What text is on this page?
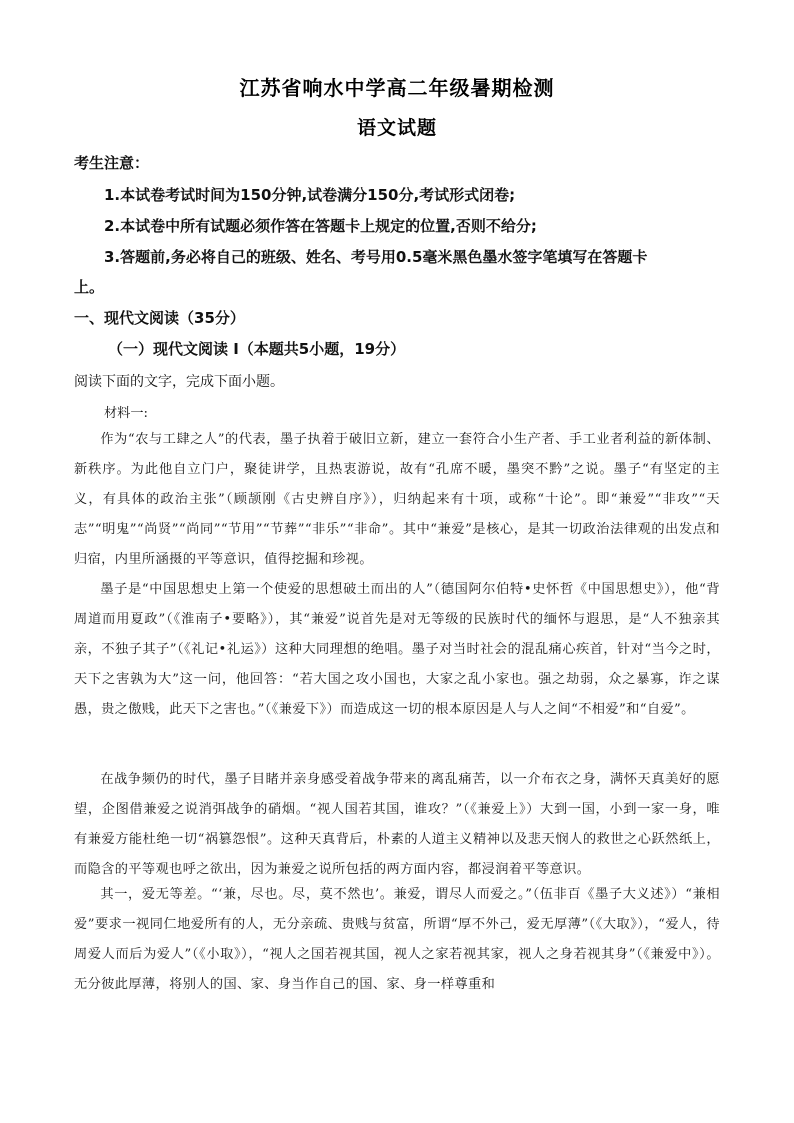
江苏省响水中学高二年级暑期检测
语文试题
考生注意：
1.本试卷考试时间为150分钟,试卷满分150分,考试形式闭卷;
2.本试卷中所有试题必须作答在答题卡上规定的位置,否则不给分;
3.答题前,务必将自己的班级、姓名、考号用0.5毫米黑色墨水签字笔填写在答题卡
上。
一、现代文阅读（35分）
（一）现代文阅读 I（本题共5小题，19分）
阅读下面的文字，完成下面小题。
材料一:

作为“农与工肆之人”的代表，墨子执着于破旧立新，建立一套符合小生产者、手工业者利益的新体制、新秩序。为此他自立门户，聚徒讲学，且热衷游说，故有“孔席不暖，墨突不黔”之说。墨子“有坚定的主义，有具体的政治主张”（顾颉刚《古史辨自序》），归纳起来有十项，或称“十论”。即“兼爱”“非攻”“天志”“明鬼”“尚贤”“尚同”“节用”“节葬”“非乐”“非命”。其中“兼爱”是核心，是其一切政治法律观的出发点和归宿，内里所涵摄的平等意识，值得挖掘和珍视。

墨子是“中国思想史上第一个使爱的思想破土而出的人”（德国阿尔伯特•史怀哲《中国思想史》），他“背周道而用夏政”（《淮南子•要略》），其“兼爱”说首先是对无等级的民族时代的缅怀与遐思，是“人不独亲其亲，不独子其子”（《礼记•礼运》）这种大同理想的绝唱。墨子对当时社会的混乱痛心疾首，针对“当今之时，天下之害孰为大”这一问，他回答：“若大国之攻小国也，大家之乱小家也。强之劫弱，众之暴寡，诈之谋愚，贵之傲贱，此天下之害也。”（《兼爱下》）而造成这一切的根本原因是人与人之间“不相爱”和“自爱”。

在战争频仍的时代，墨子目睹并亲身感受着战争带来的离乱痛苦，以一介布衣之身，满怀天真美好的愿望，企图借兼爱之说消弭战争的硝烟。“视人国若其国，谁攻？”（《兼爱上》）大到一国，小到一家一身，唯有兼爱方能杜绝一切“祸篡怨恨”。这种天真背后，朴素的人道主义精神以及悲天悯人的救世之心跃然纸上，而隐含的平等观也呼之欲出，因为兼爱之说所包括的两方面内容，都浸润着平等意识。

其一，爱无等差。“‘兼，尽也。尽，莫不然也’。兼爱，谓尽人而爱之。”（伍非百《墨子大义述》）“兼相爱”要求一视同仁地爱所有的人，无分亲疏、贵贱与贫富，所谓“厚不外己，爱无厚薄”（《大取》），“爱人，待周爱人而后为爱人”（《小取》），“视人之国若视其国，视人之家若视其家，视人之身若视其身”（《兼爱中》）。无分彼此厚薄，将别人的国、家、身当作自己的国、家、身一样尊重和
